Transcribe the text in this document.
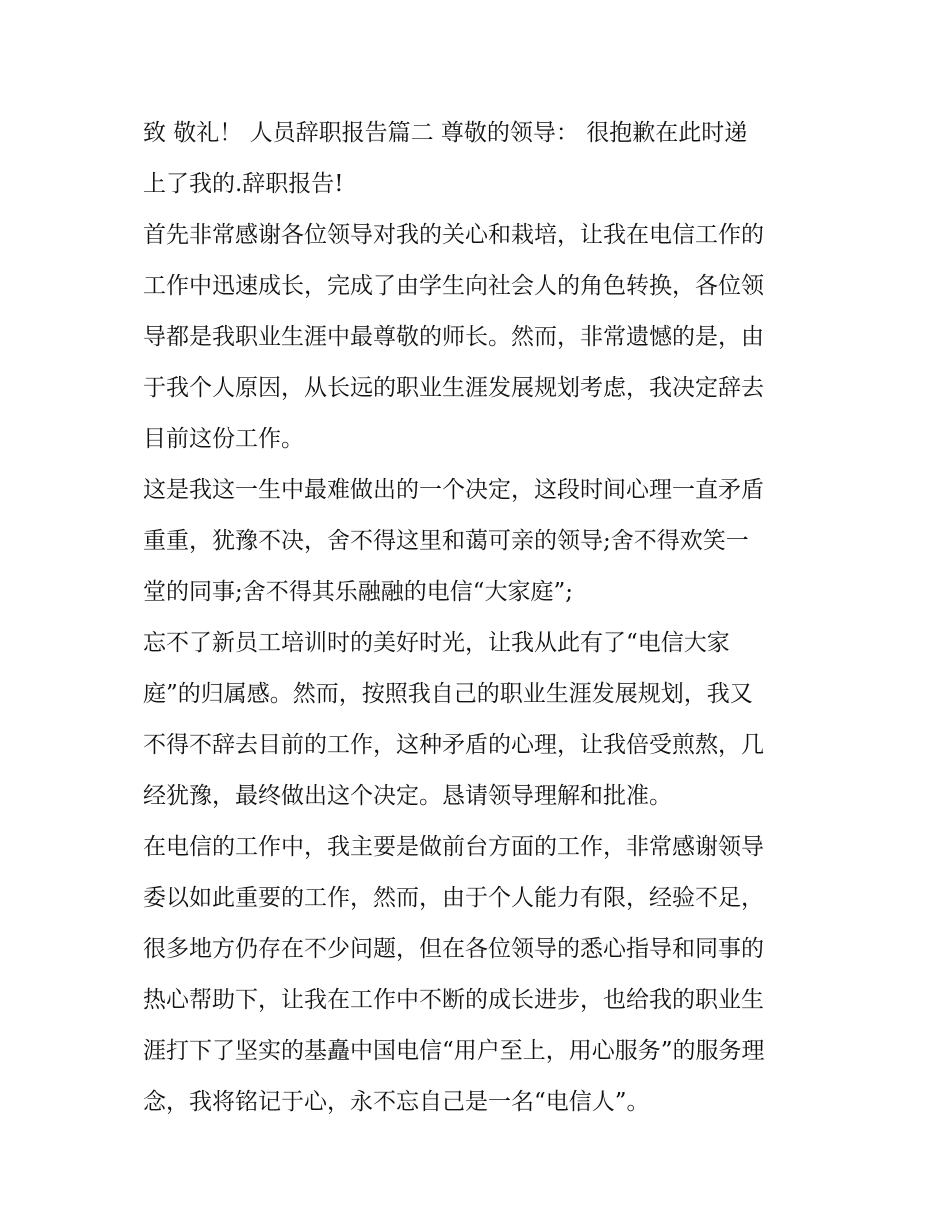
致 敬礼！ 人员辞职报告篇二 尊敬的领导： 很抱歉在此时递
上了我的.辞职报告!
首先非常感谢各位领导对我的关心和栽培，让我在电信工作的
工作中迅速成长，完成了由学生向社会人的角色转换，各位领
导都是我职业生涯中最尊敬的师长。然而，非常遗憾的是，由
于我个人原因，从长远的职业生涯发展规划考虑，我决定辞去
目前这份工作。
这是我这一生中最难做出的一个决定，这段时间心理一直矛盾
重重，犹豫不决，舍不得这里和蔼可亲的领导;舍不得欢笑一
堂的同事;舍不得其乐融融的电信“大家庭”;
忘不了新员工培训时的美好时光，让我从此有了“电信大家
庭”的归属感。然而，按照我自己的职业生涯发展规划，我又
不得不辞去目前的工作，这种矛盾的心理，让我倍受煎熬，几
经犹豫，最终做出这个决定。恳请领导理解和批准。
在电信的工作中，我主要是做前台方面的工作，非常感谢领导
委以如此重要的工作，然而，由于个人能力有限，经验不足，
很多地方仍存在不少问题，但在各位领导的悉心指导和同事的
热心帮助下，让我在工作中不断的成长进步，也给我的职业生
涯打下了坚实的基矗中国电信“用户至上，用心服务”的服务理
念，我将铭记于心，永不忘自己是一名“电信人”。
